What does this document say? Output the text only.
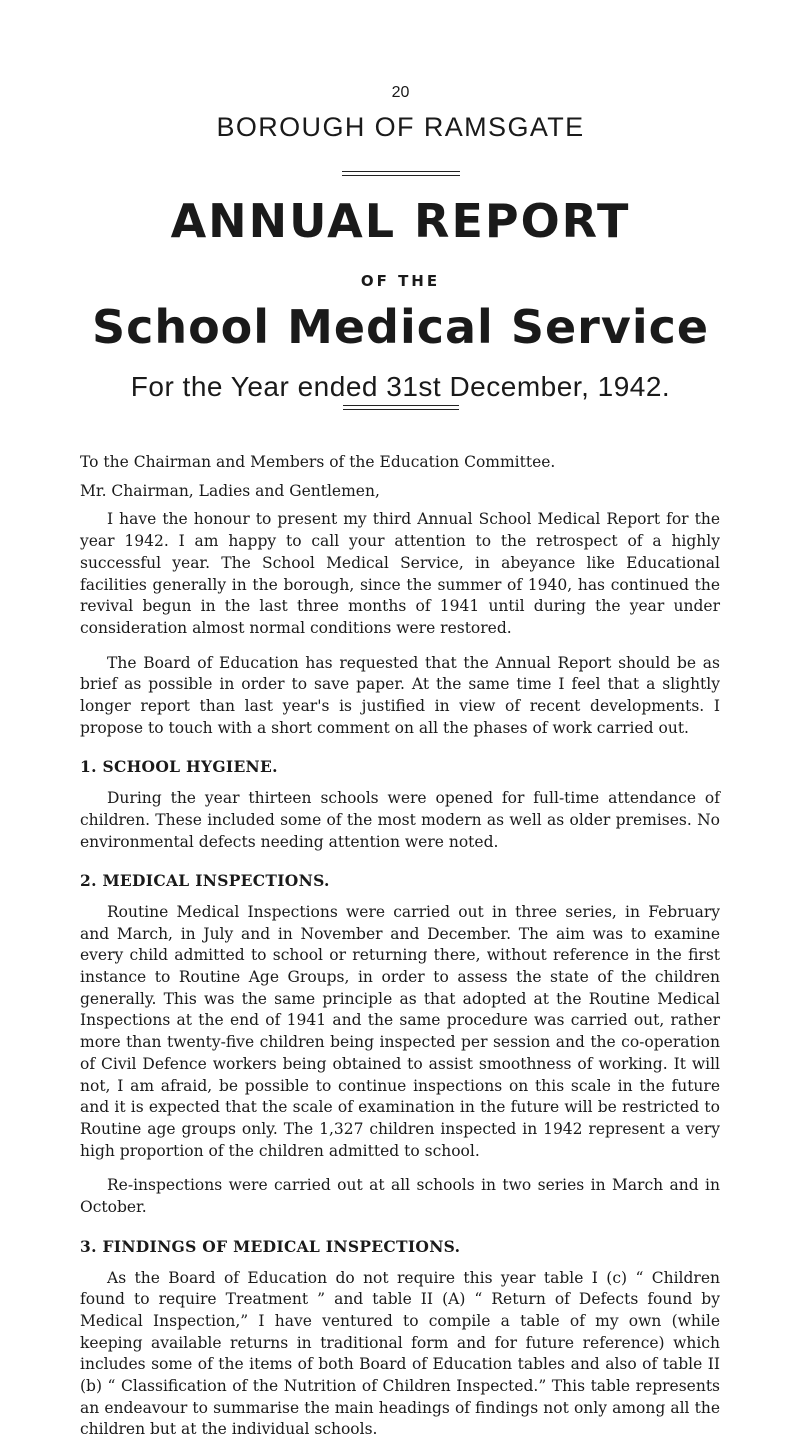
20
BOROUGH OF RAMSGATE
ANNUAL REPORT
OF THE
School Medical Service
For the Year ended 31st December, 1942.

To the Chairman and Members of the Education Committee.

Mr. Chairman, Ladies and Gentlemen,

I have the honour to present my third Annual School Medical Report for the year 1942. I am happy to call your attention to the retrospect of a highly successful year. The School Medical Service, in abeyance like Educational facilities generally in the borough, since the summer of 1940, has continued the revival begun in the last three months of 1941 until during the year under consideration almost normal conditions were restored.

The Board of Education has requested that the Annual Report should be as brief as possible in order to save paper. At the same time I feel that a slightly longer report than last year's is justified in view of recent developments. I propose to touch with a short comment on all the phases of work carried out.

1. SCHOOL HYGIENE.

During the year thirteen schools were opened for full-time attendance of children. These included some of the most modern as well as older premises. No environmental defects needing attention were noted.

2. MEDICAL INSPECTIONS.

Routine Medical Inspections were carried out in three series, in February and March, in July and in November and December. The aim was to examine every child admitted to school or returning there, without reference in the first instance to Routine Age Groups, in order to assess the state of the children generally. This was the same principle as that adopted at the Routine Medical Inspections at the end of 1941 and the same procedure was carried out, rather more than twenty-five children being inspected per session and the co-operation of Civil Defence workers being obtained to assist smoothness of working. It will not, I am afraid, be possible to continue inspections on this scale in the future and it is expected that the scale of examination in the future will be restricted to Routine age groups only. The 1,327 children inspected in 1942 represent a very high proportion of the children admitted to school.

Re-inspections were carried out at all schools in two series in March and in October.

3. FINDINGS OF MEDICAL INSPECTIONS.

As the Board of Education do not require this year table I (c) “ Children found to require Treatment ” and table II (A) “ Return of Defects found by Medical Inspection,” I have ventured to compile a table of my own (while keeping available returns in traditional form and for future reference) which includes some of the items of both Board of Education tables and also of table II (b) “ Classification of the Nutrition of Children Inspected.” This table represents an endeavour to summarise the main headings of findings not only among all the children but at the individual schools.
